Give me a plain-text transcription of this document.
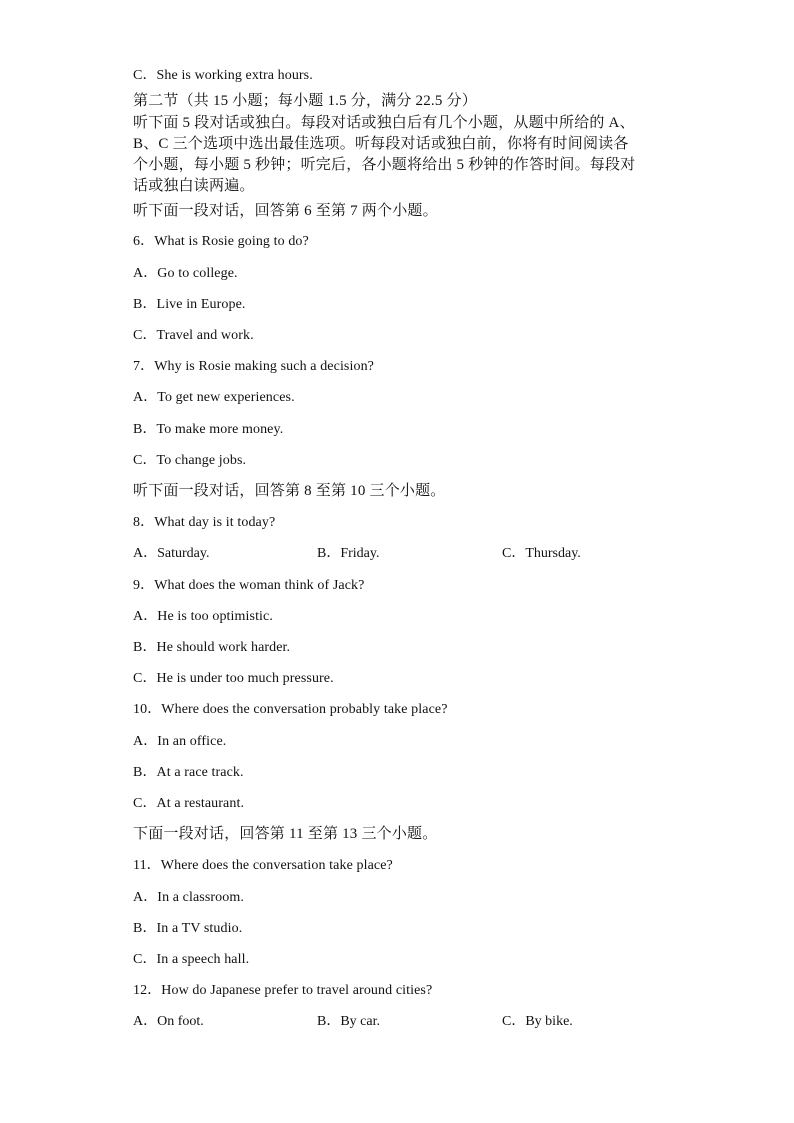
C．She is working extra hours.
第二节（共 15 小题；每小题 1.5 分，满分 22.5 分）
听下面 5 段对话或独白。每段对话或独白后有几个小题，从题中所给的 A、
B、C 三个选项中选出最佳选项。听每段对话或独白前，你将有时间阅读各
个小题，每小题 5 秒钟；听完后，各小题将给出 5 秒钟的作答时间。每段对
话或独白读两遍。
听下面一段对话，回答第 6 至第 7 两个小题。
6．What is Rosie going to do?
A．Go to college.
B．Live in Europe.
C．Travel and work.
7．Why is Rosie making such a decision?
A．To get new experiences.
B．To make more money.
C．To change jobs.
听下面一段对话，回答第 8 至第 10 三个小题。
8．What day is it today?
A．Saturday.	B．Friday.	C．Thursday.
9．What does the woman think of Jack?
A．He is too optimistic.
B．He should work harder.
C．He is under too much pressure.
10．Where does the conversation probably take place?
A．In an office.
B．At a race track.
C．At a restaurant.
下面一段对话，回答第 11 至第 13 三个小题。
11．Where does the conversation take place?
A．In a classroom.
B．In a TV studio.
C．In a speech hall.
12．How do Japanese prefer to travel around cities?
A．On foot.	B．By car.	C．By bike.
